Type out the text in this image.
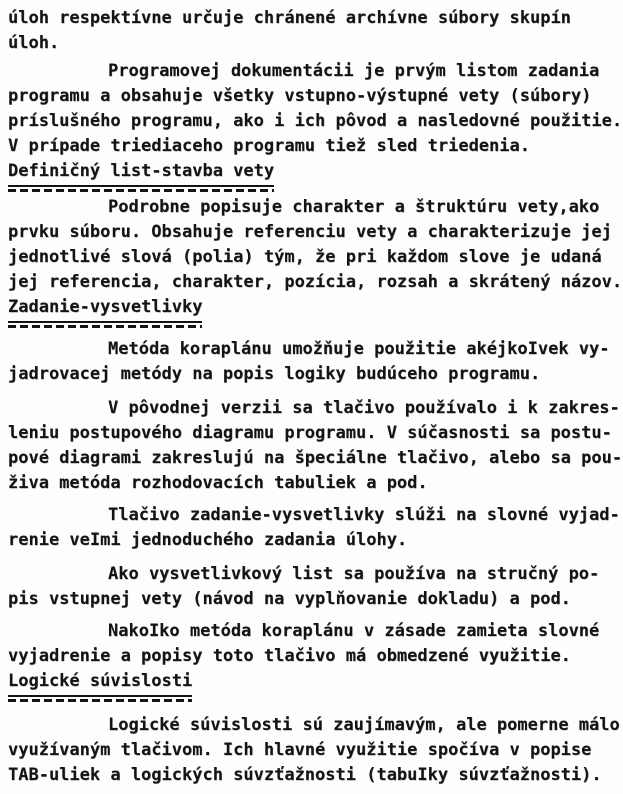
úloh respektívne určuje chránené archívne súbory skupín
úloh.
Programovej dokumentácii je prvým listom zadania
programu a obsahuje všetky vstupno-výstupné vety (súbory)
príslušného programu, ako i ich pôvod a nasledovné použitie.
V prípade triediaceho programu tiež sled triedenia.
Definičný list-stavba vety
Podrobne popisuje charakter a štruktúru vety,ako
prvku súboru. Obsahuje referenciu vety a charakterizuje jej
jednotlivé slová (polia) tým, že pri každom slove je udaná
jej referencia, charakter, pozícia, rozsah a skrátený názov.
Zadanie-vysvetlivky
Metóda koraplánu umožňuje použitie akéjkoIvek vy-
jadrovacej metódy na popis logiky budúceho programu.
V pôvodnej verzii sa tlačivo používalo i k zakres-
leniu postupového diagramu programu. V súčasnosti sa postu-
pové diagrami zakreslujú na špeciálne tlačivo, alebo sa pou-
živa metóda rozhodovacích tabuliek a pod.
Tlačivo zadanie-vysvetlivky slúži na slovné vyjad-
renie veImi jednoduchého zadania úlohy.
Ako vysvetlivkový list sa používa na stručný po-
pis vstupnej vety (návod na vyplňovanie dokladu) a pod.
NakoIko metóda koraplánu v zásade zamieta slovné
vyjadrenie a popisy toto tlačivo má obmedzené využitie.
Logické súvislosti
Logické súvislosti sú zaujímavým, ale pomerne málo
využívaným tlačivom. Ich hlavné využitie spočíva v popise
TAB-uliek a logických súvzťažnosti (tabuIky súvzťažnosti).
